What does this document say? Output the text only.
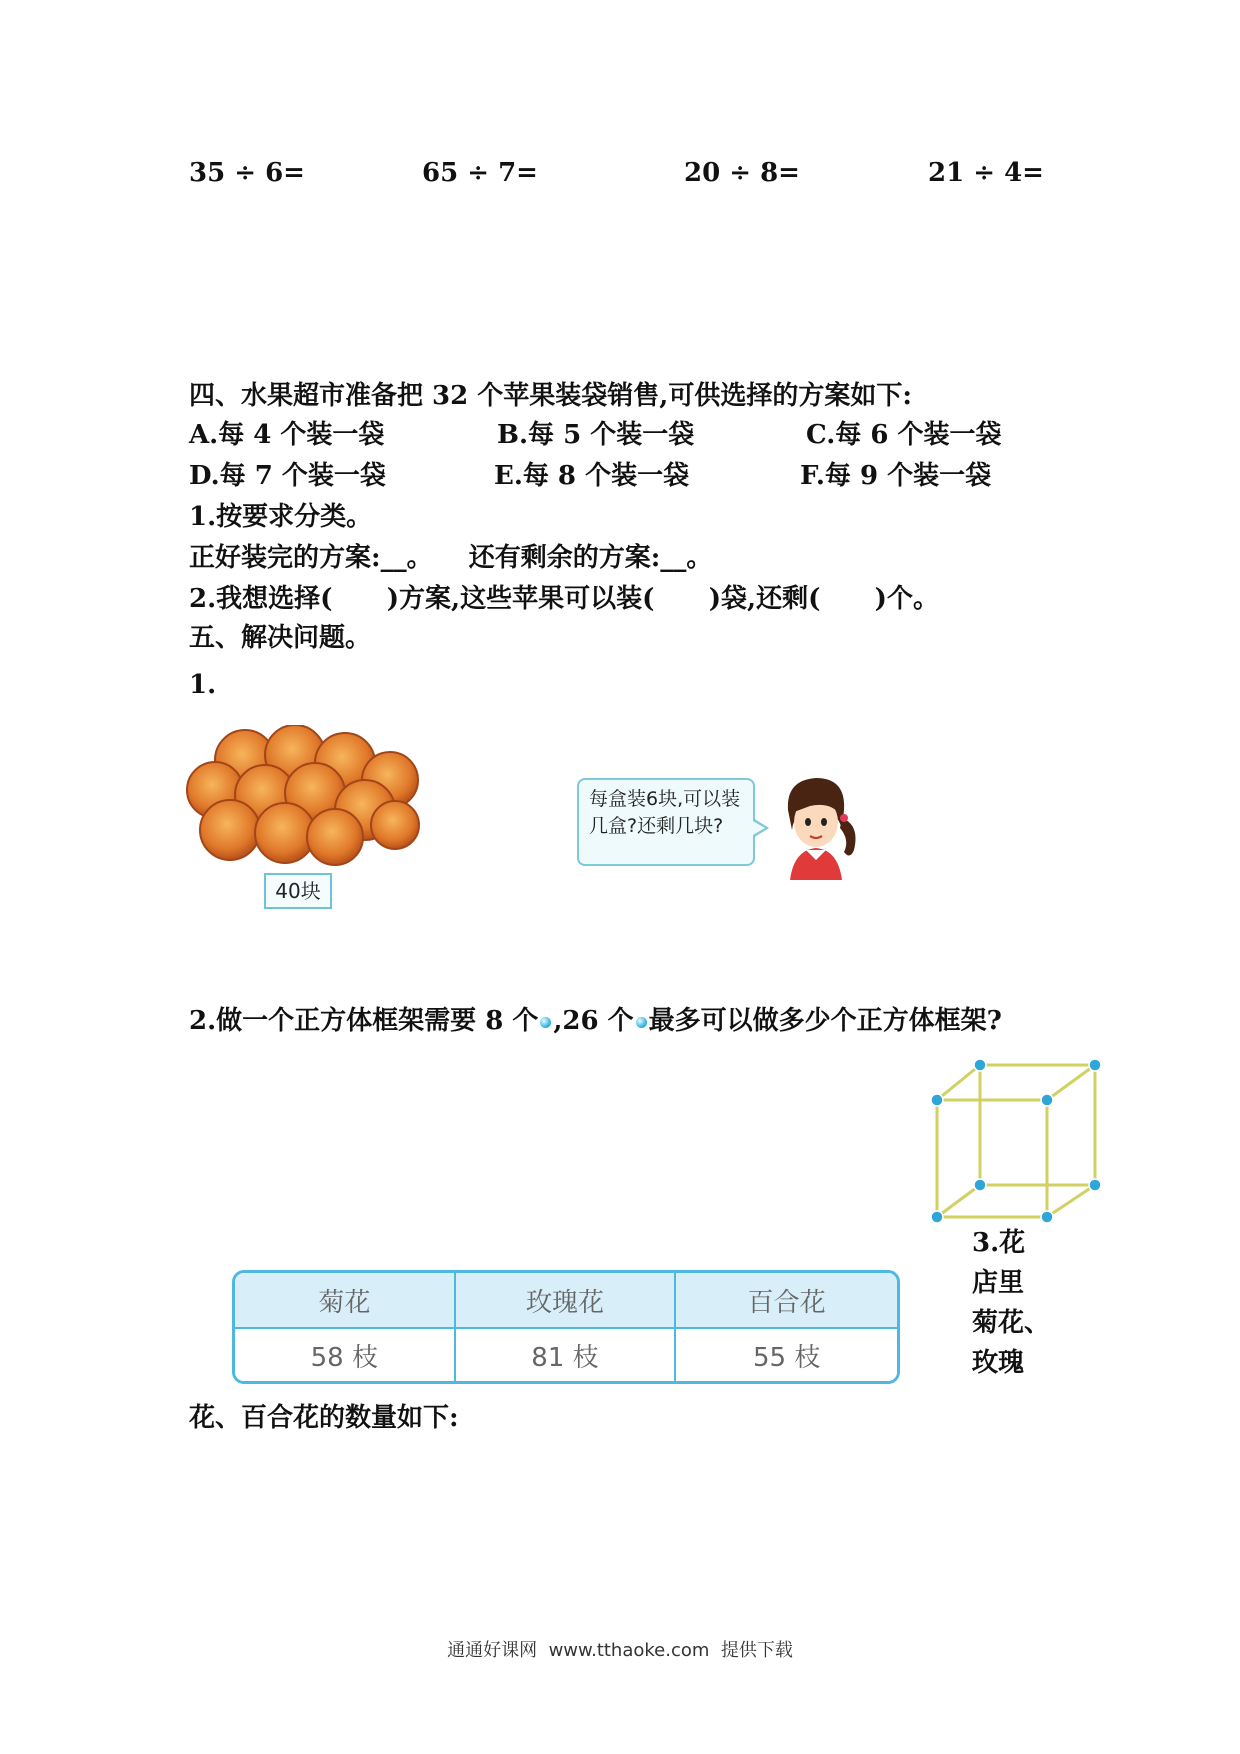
35 ÷ 6=	65 ÷ 7=	20 ÷ 8=	21 ÷ 4=
四、水果超市准备把 32 个苹果装袋销售,可供选择的方案如下:
A.每 4 个装一袋	B.每 5 个装一袋	C.每 6 个装一袋
D.每 7 个装一袋	E.每 8 个装一袋	F.每 9 个装一袋
1.按要求分类。
正好装完的方案:__。    还有剩余的方案:__。
2.我想选择(      )方案,这些苹果可以装(      )袋,还剩(      )个。
五、解决问题。
1.
40块
每盒装6块,可以装几盒?还剩几块?
2.做一个正方体框架需要 8 个 ,26 个 最多可以做多少个正方体框架?
3.花
店里
菊花、
玫瑰
菊花	玫瑰花	百合花
58 枝	81 枝	55 枝
花、百合花的数量如下:
通通好课网  www.tthaoke.com  提供下载
